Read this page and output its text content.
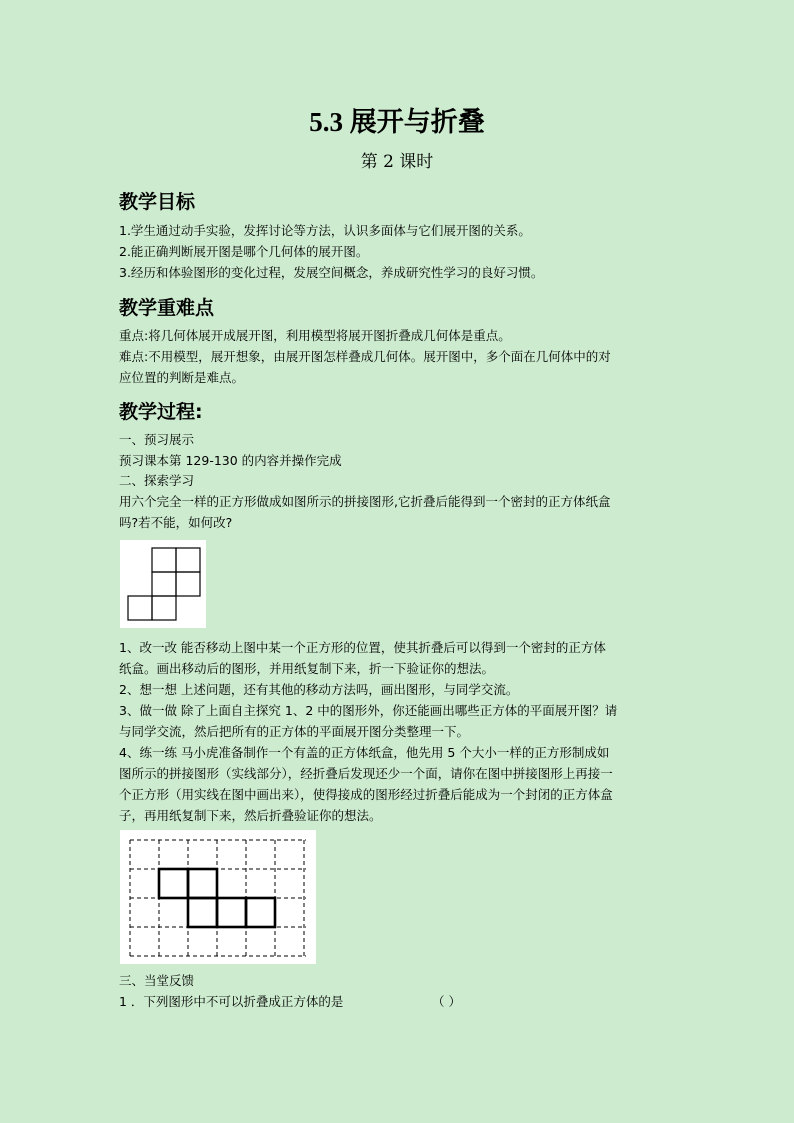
5.3 展开与折叠
第 2 课时
教学目标
1.学生通过动手实验，发挥讨论等方法，认识多面体与它们展开图的关系。
2.能正确判断展开图是哪个几何体的展开图。
3.经历和体验图形的变化过程，发展空间概念，养成研究性学习的良好习惯。
教学重难点
重点:将几何体展开成展开图，利用模型将展开图折叠成几何体是重点。
难点:不用模型，展开想象，由展开图怎样叠成几何体。展开图中，多个面在几何体中的对
应位置的判断是难点。
教学过程:
一、预习展示
预习课本第 129-130 的内容并操作完成
二、探索学习
用六个完全一样的正方形做成如图所示的拼接图形,它折叠后能得到一个密封的正方体纸盒
吗?若不能，如何改?
1、改一改 能否移动上图中某一个正方形的位置，使其折叠后可以得到一个密封的正方体
纸盒。画出移动后的图形，并用纸复制下来，折一下验证你的想法。
2、想一想 上述问题，还有其他的移动方法吗，画出图形，与同学交流。
3、做一做 除了上面自主探究 1、2 中的图形外，你还能画出哪些正方体的平面展开图？请
与同学交流，然后把所有的正方体的平面展开图分类整理一下。
4、练一练 马小虎准备制作一个有盖的正方体纸盒，他先用 5 个大小一样的正方形制成如
图所示的拼接图形（实线部分），经折叠后发现还少一个面，请你在图中拼接图形上再接一
个正方形（用实线在图中画出来），使得接成的图形经过折叠后能成为一个封闭的正方体盒
子，再用纸复制下来，然后折叠验证你的想法。
三、当堂反馈
1 ．下列图形中不可以折叠成正方体的是	（ ）
